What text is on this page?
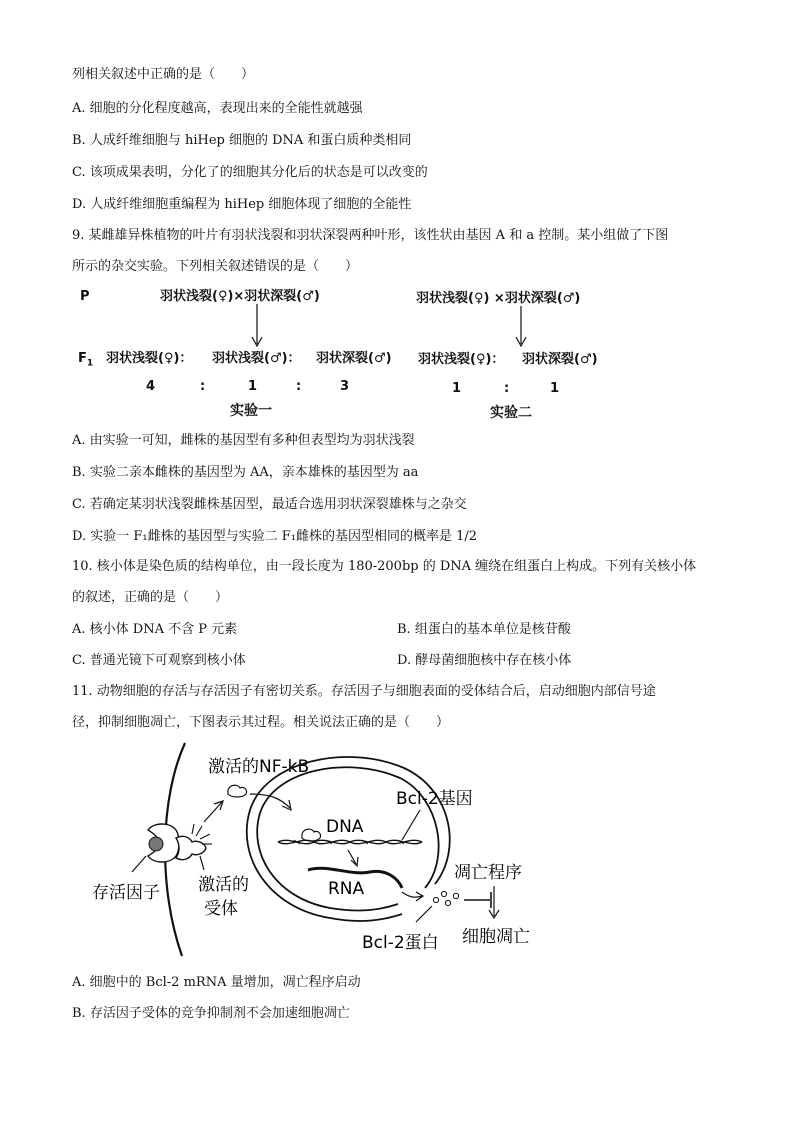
列相关叙述中正确的是（　　）
A. 细胞的分化程度越高，表现出来的全能性就越强
B. 人成纤维细胞与 hiHep 细胞的 DNA 和蛋白质种类相同
C. 该项成果表明，分化了的细胞其分化后的状态是可以改变的
D. 人成纤维细胞重编程为 hiHep 细胞体现了细胞的全能性
9. 某雌雄异株植物的叶片有羽状浅裂和羽状深裂两种叶形，该性状由基因 A 和 a 控制。某小组做了下图
所示的杂交实验。下列相关叙述错误的是（　　）
P
$F_1$
羽状浅裂(♀)×羽状深裂(♂)
羽状浅裂(♀)： 羽状浅裂(♂)： 羽状深裂(♂)
4	:	1	:	3
实验一
羽状浅裂(♀) ×羽状深裂(♂)
羽状浅裂(♀)： 羽状深裂(♂)
1	:	1
实验二
A. 由实验一可知，雌株的基因型有多种但表型均为羽状浅裂
B. 实验二亲本雌株的基因型为 AA，亲本雄株的基因型为 aa
C. 若确定某羽状浅裂雌株基因型，最适合选用羽状深裂雄株与之杂交
D. 实验一 F₁雌株的基因型与实验二 F₁雌株的基因型相同的概率是 1/2
10. 核小体是染色质的结构单位，由一段长度为 180-200bp 的 DNA 缠绕在组蛋白上构成。下列有关核小体
的叙述，正确的是（　　）
A. 核小体 DNA 不含 P 元素	B. 组蛋白的基本单位是核苷酸
C. 普通光镜下可观察到核小体	D. 酵母菌细胞核中存在核小体
11. 动物细胞的存活与存活因子有密切关系。存活因子与细胞表面的受体结合后，启动细胞内部信号途
径，抑制细胞凋亡，下图表示其过程。相关说法正确的是（　　）
激活的NF-kB
DNA
Bcl-2基因
RNA
Bcl-2蛋白
凋亡程序
细胞凋亡
存活因子 激活的
受体
A. 细胞中的 Bcl-2 mRNA 量增加，凋亡程序启动
B. 存活因子受体的竞争抑制剂不会加速细胞凋亡
